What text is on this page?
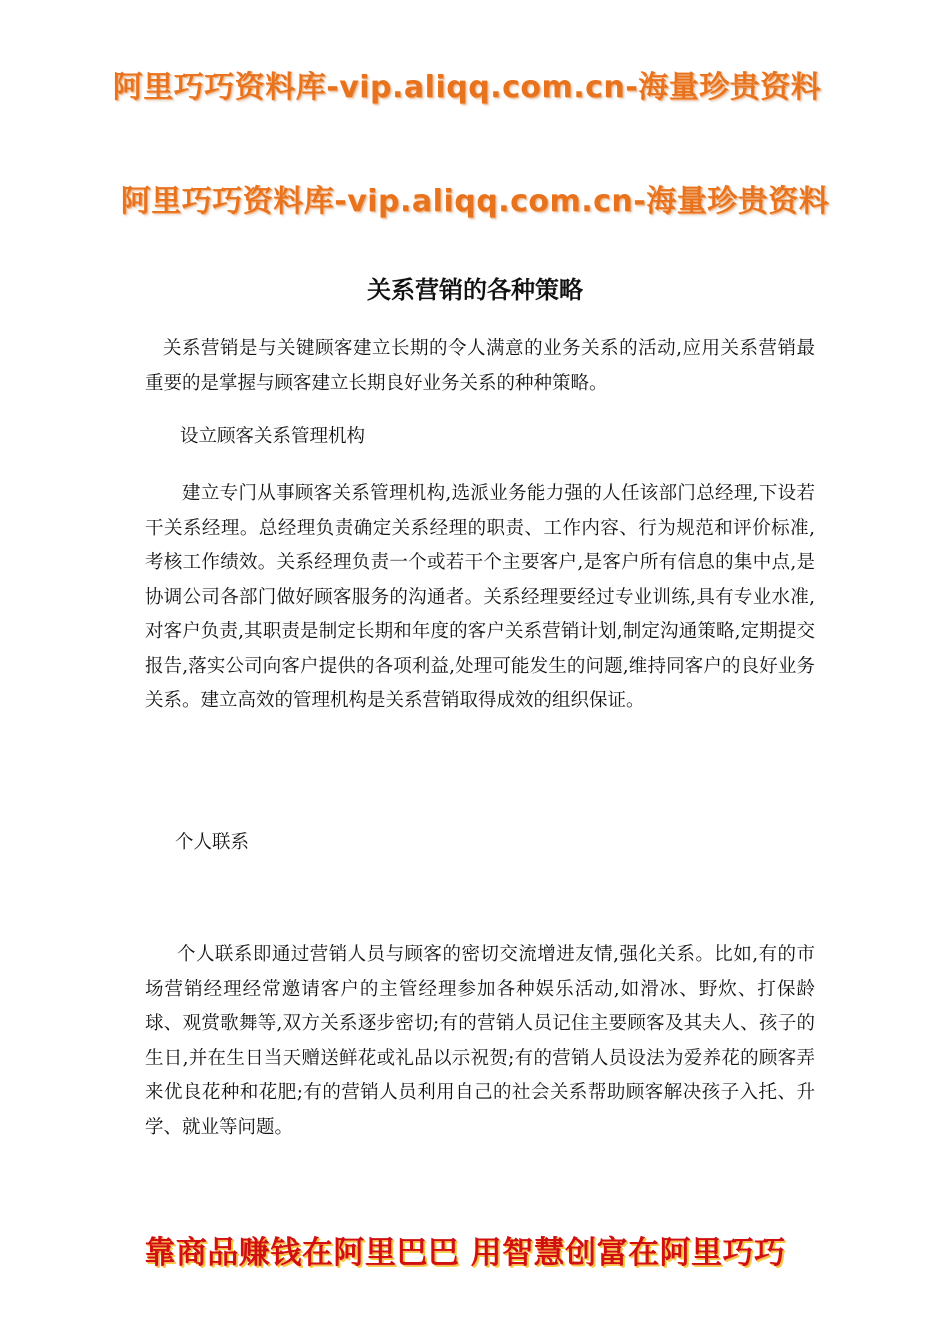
阿里巧巧资料库-vip.aliqq.com.cn-海量珍贵资料
阿里巧巧资料库-vip.aliqq.com.cn-海量珍贵资料
关系营销的各种策略

关系营销是与关键顾客建立长期的令人满意的业务关系的活动,应用关系营销最重要的是掌握与顾客建立长期良好业务关系的种种策略。

设立顾客关系管理机构

建立专门从事顾客关系管理机构,选派业务能力强的人任该部门总经理,下设若干关系经理。总经理负责确定关系经理的职责、工作内容、行为规范和评价标准,考核工作绩效。关系经理负责一个或若干个主要客户,是客户所有信息的集中点,是协调公司各部门做好顾客服务的沟通者。关系经理要经过专业训练,具有专业水准,对客户负责,其职责是制定长期和年度的客户关系营销计划,制定沟通策略,定期提交报告,落实公司向客户提供的各项利益,处理可能发生的问题,维持同客户的良好业务关系。建立高效的管理机构是关系营销取得成效的组织保证。

个人联系

个人联系即通过营销人员与顾客的密切交流增进友情,强化关系。比如,有的市场营销经理经常邀请客户的主管经理参加各种娱乐活动,如滑冰、野炊、打保龄球、观赏歌舞等,双方关系逐步密切;有的营销人员记住主要顾客及其夫人、孩子的生日,并在生日当天赠送鲜花或礼品以示祝贺;有的营销人员设法为爱养花的顾客弄来优良花种和花肥;有的营销人员利用自己的社会关系帮助顾客解决孩子入托、升学、就业等问题。

靠商品赚钱在阿里巴巴 用智慧创富在阿里巧巧
